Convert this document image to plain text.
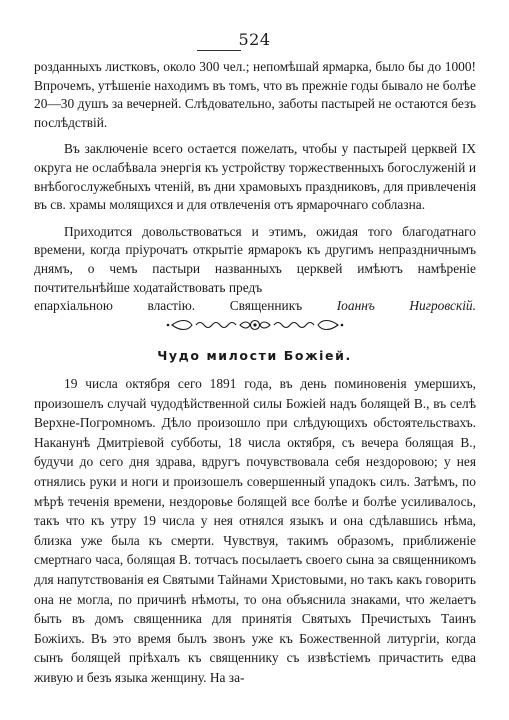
524

розданныхъ листковъ, около 300 чел.; непомѣшай ярмарка, было бы до 1000! Впрочемъ, утѣшеніе находимъ въ томъ, что въ прежніе годы бывало не болѣе 20—30 душъ за вечерней. Слѣдовательно, заботы пастырей не остаются безъ послѣдствій.

Въ заключеніе всего остается пожелать, чтобы у пастырей церквей IX округа не ослабѣвала энергія къ устройству торжественныхъ богослуженій и внѣбогослужебныхъ чтеній, въ дни храмовыхъ праздниковъ, для привлеченія въ св. храмы молящихся и для отвлеченія отъ ярмарочнаго соблазна.

Приходится довольствоваться и этимъ, ожидая того благодатнаго времени, когда пріурочатъ открытіе ярмарокъ къ другимъ непраздничнымъ днямъ, о чемъ пастыри названныхъ церквей имѣютъ намѣреніе почтительнѣйше ходатайствовать предъ

епархіальною властію.	Священникъ	Іоаннъ Нигровскій.

Чудо милости Божіей.

19 числа октября сего 1891 года, въ день поминовенія умершихъ, произошелъ случай чудодѣйственной силы Божіей надъ болящей В., въ селѣ Верхне-Погромномъ. Дѣло произошло при слѣдующихъ обстоятельствахъ. Наканунѣ Дмитріевой субботы, 18 числа октября, съ вечера болящая В., будучи до сего дня здрава, вдругъ почувствовала себя нездоровою; у нея отнялись руки и ноги и произошелъ совершенный упадокъ силъ. Затѣмъ, по мѣрѣ теченія времени, нездоровье болящей все болѣе и болѣе усиливалось, такъ что къ утру 19 числа у нея отнялся языкъ и она сдѣлавшись нѣма, близка уже была къ смерти. Чувствуя, такимъ образомъ, приближеніе смертнаго часа, болящая В. тотчасъ посылаетъ своего сына за священникомъ для напутствованія ея Святыми Тайнами Христовыми, но такъ какъ говорить она не могла, по причинѣ нѣмоты, то она объяснила знаками, что желаетъ быть въ домъ священника для принятія Святыхъ Пречистыхъ Таинъ Божіихъ. Въ это время былъ звонъ уже къ Божественной литургіи, когда сынъ болящей пріѣхалъ къ священнику съ извѣстіемъ причастить едва живую и безъ языка женщину. На за-
